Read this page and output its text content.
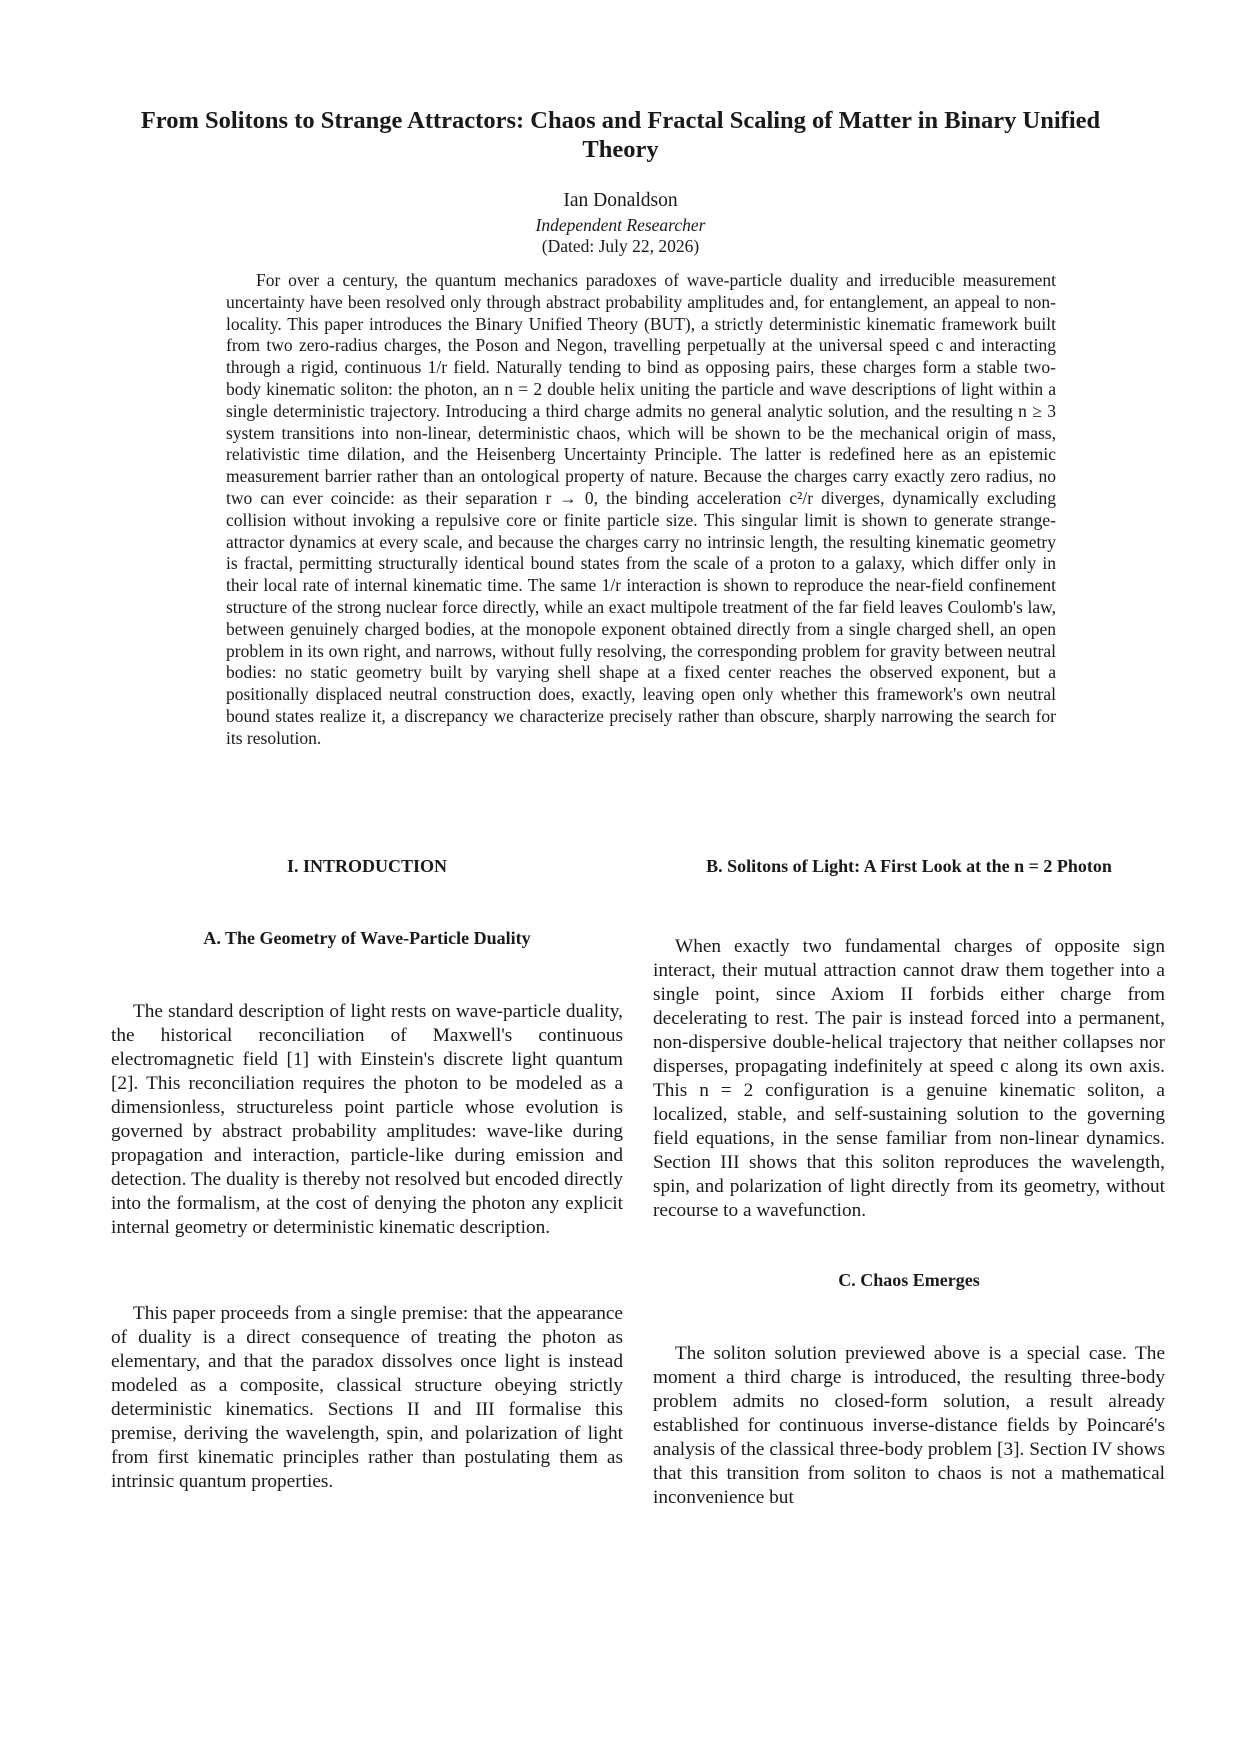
From Solitons to Strange Attractors: Chaos and Fractal Scaling of Matter in Binary Unified Theory
Ian Donaldson
Independent Researcher
(Dated: July 22, 2026)

For over a century, the quantum mechanics paradoxes of wave-particle duality and irreducible measurement uncertainty have been resolved only through abstract probability amplitudes and, for entanglement, an appeal to non-locality. This paper introduces the Binary Unified Theory (BUT), a strictly deterministic kinematic framework built from two zero-radius charges, the Poson and Negon, travelling perpetually at the universal speed c and interacting through a rigid, continuous 1/r field. Naturally tending to bind as opposing pairs, these charges form a stable two-body kinematic soliton: the photon, an n = 2 double helix uniting the particle and wave descriptions of light within a single deterministic trajectory. Introducing a third charge admits no general analytic solution, and the resulting n ≥ 3 system transitions into non-linear, deterministic chaos, which will be shown to be the mechanical origin of mass, relativistic time dilation, and the Heisenberg Uncertainty Principle. The latter is redefined here as an epistemic measurement barrier rather than an ontological property of nature. Because the charges carry exactly zero radius, no two can ever coincide: as their separation r → 0, the binding acceleration c²/r diverges, dynamically excluding collision without invoking a repulsive core or finite particle size. This singular limit is shown to generate strange-attractor dynamics at every scale, and because the charges carry no intrinsic length, the resulting kinematic geometry is fractal, permitting structurally identical bound states from the scale of a proton to a galaxy, which differ only in their local rate of internal kinematic time. The same 1/r interaction is shown to reproduce the near-field confinement structure of the strong nuclear force directly, while an exact multipole treatment of the far field leaves Coulomb's law, between genuinely charged bodies, at the monopole exponent obtained directly from a single charged shell, an open problem in its own right, and narrows, without fully resolving, the corresponding problem for gravity between neutral bodies: no static geometry built by varying shell shape at a fixed center reaches the observed exponent, but a positionally displaced neutral construction does, exactly, leaving open only whether this framework's own neutral bound states realize it, a discrepancy we characterize precisely rather than obscure, sharply narrowing the search for its resolution.

I. INTRODUCTION
A. The Geometry of Wave-Particle Duality

The standard description of light rests on wave-particle duality, the historical reconciliation of Maxwell's continuous electromagnetic field [1] with Einstein's discrete light quantum [2]. This reconciliation requires the photon to be modeled as a dimensionless, structureless point particle whose evolution is governed by abstract probability amplitudes: wave-like during propagation and interaction, particle-like during emission and detection. The duality is thereby not resolved but encoded directly into the formalism, at the cost of denying the photon any explicit internal geometry or deterministic kinematic description.

This paper proceeds from a single premise: that the appearance of duality is a direct consequence of treating the photon as elementary, and that the paradox dissolves once light is instead modeled as a composite, classical structure obeying strictly deterministic kinematics. Sections II and III formalise this premise, deriving the wavelength, spin, and polarization of light from first kinematic principles rather than postulating them as intrinsic quantum properties.

B. Solitons of Light: A First Look at the n = 2 Photon

When exactly two fundamental charges of opposite sign interact, their mutual attraction cannot draw them together into a single point, since Axiom II forbids either charge from decelerating to rest. The pair is instead forced into a permanent, non-dispersive double-helical trajectory that neither collapses nor disperses, propagating indefinitely at speed c along its own axis. This n = 2 configuration is a genuine kinematic soliton, a localized, stable, and self-sustaining solution to the governing field equations, in the sense familiar from non-linear dynamics. Section III shows that this soliton reproduces the wavelength, spin, and polarization of light directly from its geometry, without recourse to a wavefunction.

C. Chaos Emerges

The soliton solution previewed above is a special case. The moment a third charge is introduced, the resulting three-body problem admits no closed-form solution, a result already established for continuous inverse-distance fields by Poincaré's analysis of the classical three-body problem [3]. Section IV shows that this transition from soliton to chaos is not a mathematical inconvenience but
